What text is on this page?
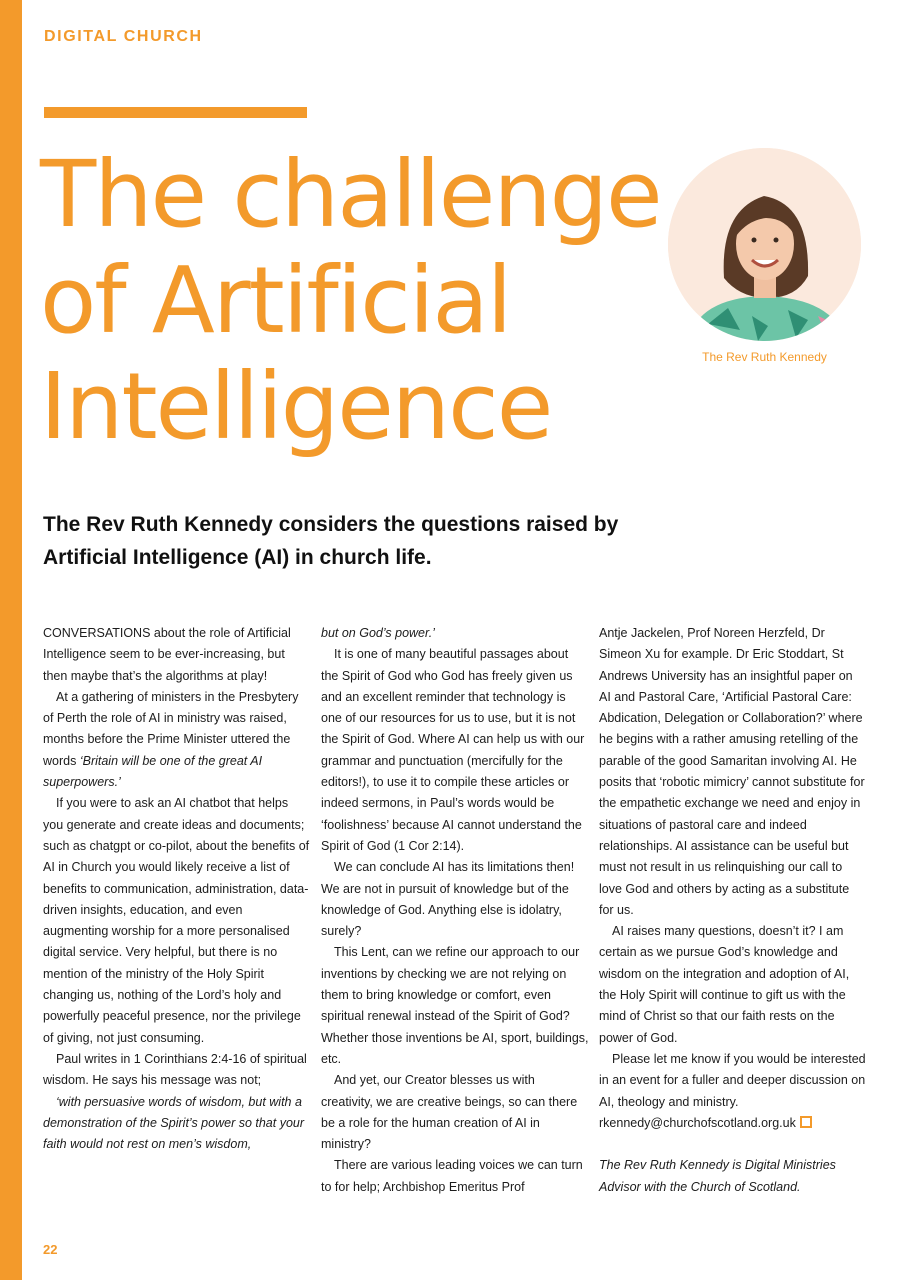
DIGITAL CHURCH
The challenge
of Artificial
Intelligence	The Rev Ruth Kennedy

The Rev Ruth Kennedy considers the questions raised by Artificial Intelligence (AI) in church life.

CONVERSATIONS about the role of Artificial Intelligence seem to be ever-increasing, but then maybe that’s the algorithms at play!

At a gathering of ministers in the Presbytery of Perth the role of AI in ministry was raised, months before the Prime Minister uttered the words ‘Britain will be one of the great AI superpowers.’

If you were to ask an AI chatbot that helps you generate and create ideas and documents; such as chatgpt or co-pilot, about the benefits of AI in Church you would likely receive a list of benefits to communication, administration, data-driven insights, education, and even augmenting worship for a more personalised digital service. Very helpful, but there is no mention of the ministry of the Holy Spirit changing us, nothing of the Lord’s holy and powerfully peaceful presence, nor the privilege of giving, not just consuming.

Paul writes in 1 Corinthians 2:4-16 of spiritual wisdom. He says his message was not;

‘with persuasive words of wisdom, but with a demonstration of the Spirit’s power so that your faith would not rest on men’s wisdom,

but on God’s power.’

It is one of many beautiful passages about the Spirit of God who God has freely given us and an excellent reminder that technology is one of our resources for us to use, but it is not the Spirit of God. Where AI can help us with our grammar and punctuation (mercifully for the editors!), to use it to compile these articles or indeed sermons, in Paul’s words would be ‘foolishness’ because AI cannot understand the Spirit of God (1 Cor 2:14).

We can conclude AI has its limitations then! We are not in pursuit of knowledge but of the knowledge of God. Anything else is idolatry, surely?

This Lent, can we refine our approach to our inventions by checking we are not relying on them to bring knowledge or comfort, even spiritual renewal instead of the Spirit of God? Whether those inventions be AI, sport, buildings, etc.

And yet, our Creator blesses us with creativity, we are creative beings, so can there be a role for the human creation of AI in ministry?

There are various leading voices we can turn to for help; Archbishop Emeritus Prof

Antje Jackelen, Prof Noreen Herzfeld, Dr Simeon Xu for example. Dr Eric Stoddart, St Andrews University has an insightful paper on AI and Pastoral Care, ‘Artificial Pastoral Care: Abdication, Delegation or Collaboration?’ where he begins with a rather amusing retelling of the parable of the good Samaritan involving AI. He posits that ‘robotic mimicry’ cannot substitute for the empathetic exchange we need and enjoy in situations of pastoral care and indeed relationships. AI assistance can be useful but must not result in us relinquishing our call to love God and others by acting as a substitute for us.

AI raises many questions, doesn’t it? I am certain as we pursue God’s knowledge and wisdom on the integration and adoption of AI, the Holy Spirit will continue to gift us with the mind of Christ so that our faith rests on the power of God.

Please let me know if you would be interested in an event for a fuller and deeper discussion on AI, theology and ministry.

rkennedy@churchofscotland.org.uk

The Rev Ruth Kennedy is Digital Ministries Advisor with the Church of Scotland.

22
